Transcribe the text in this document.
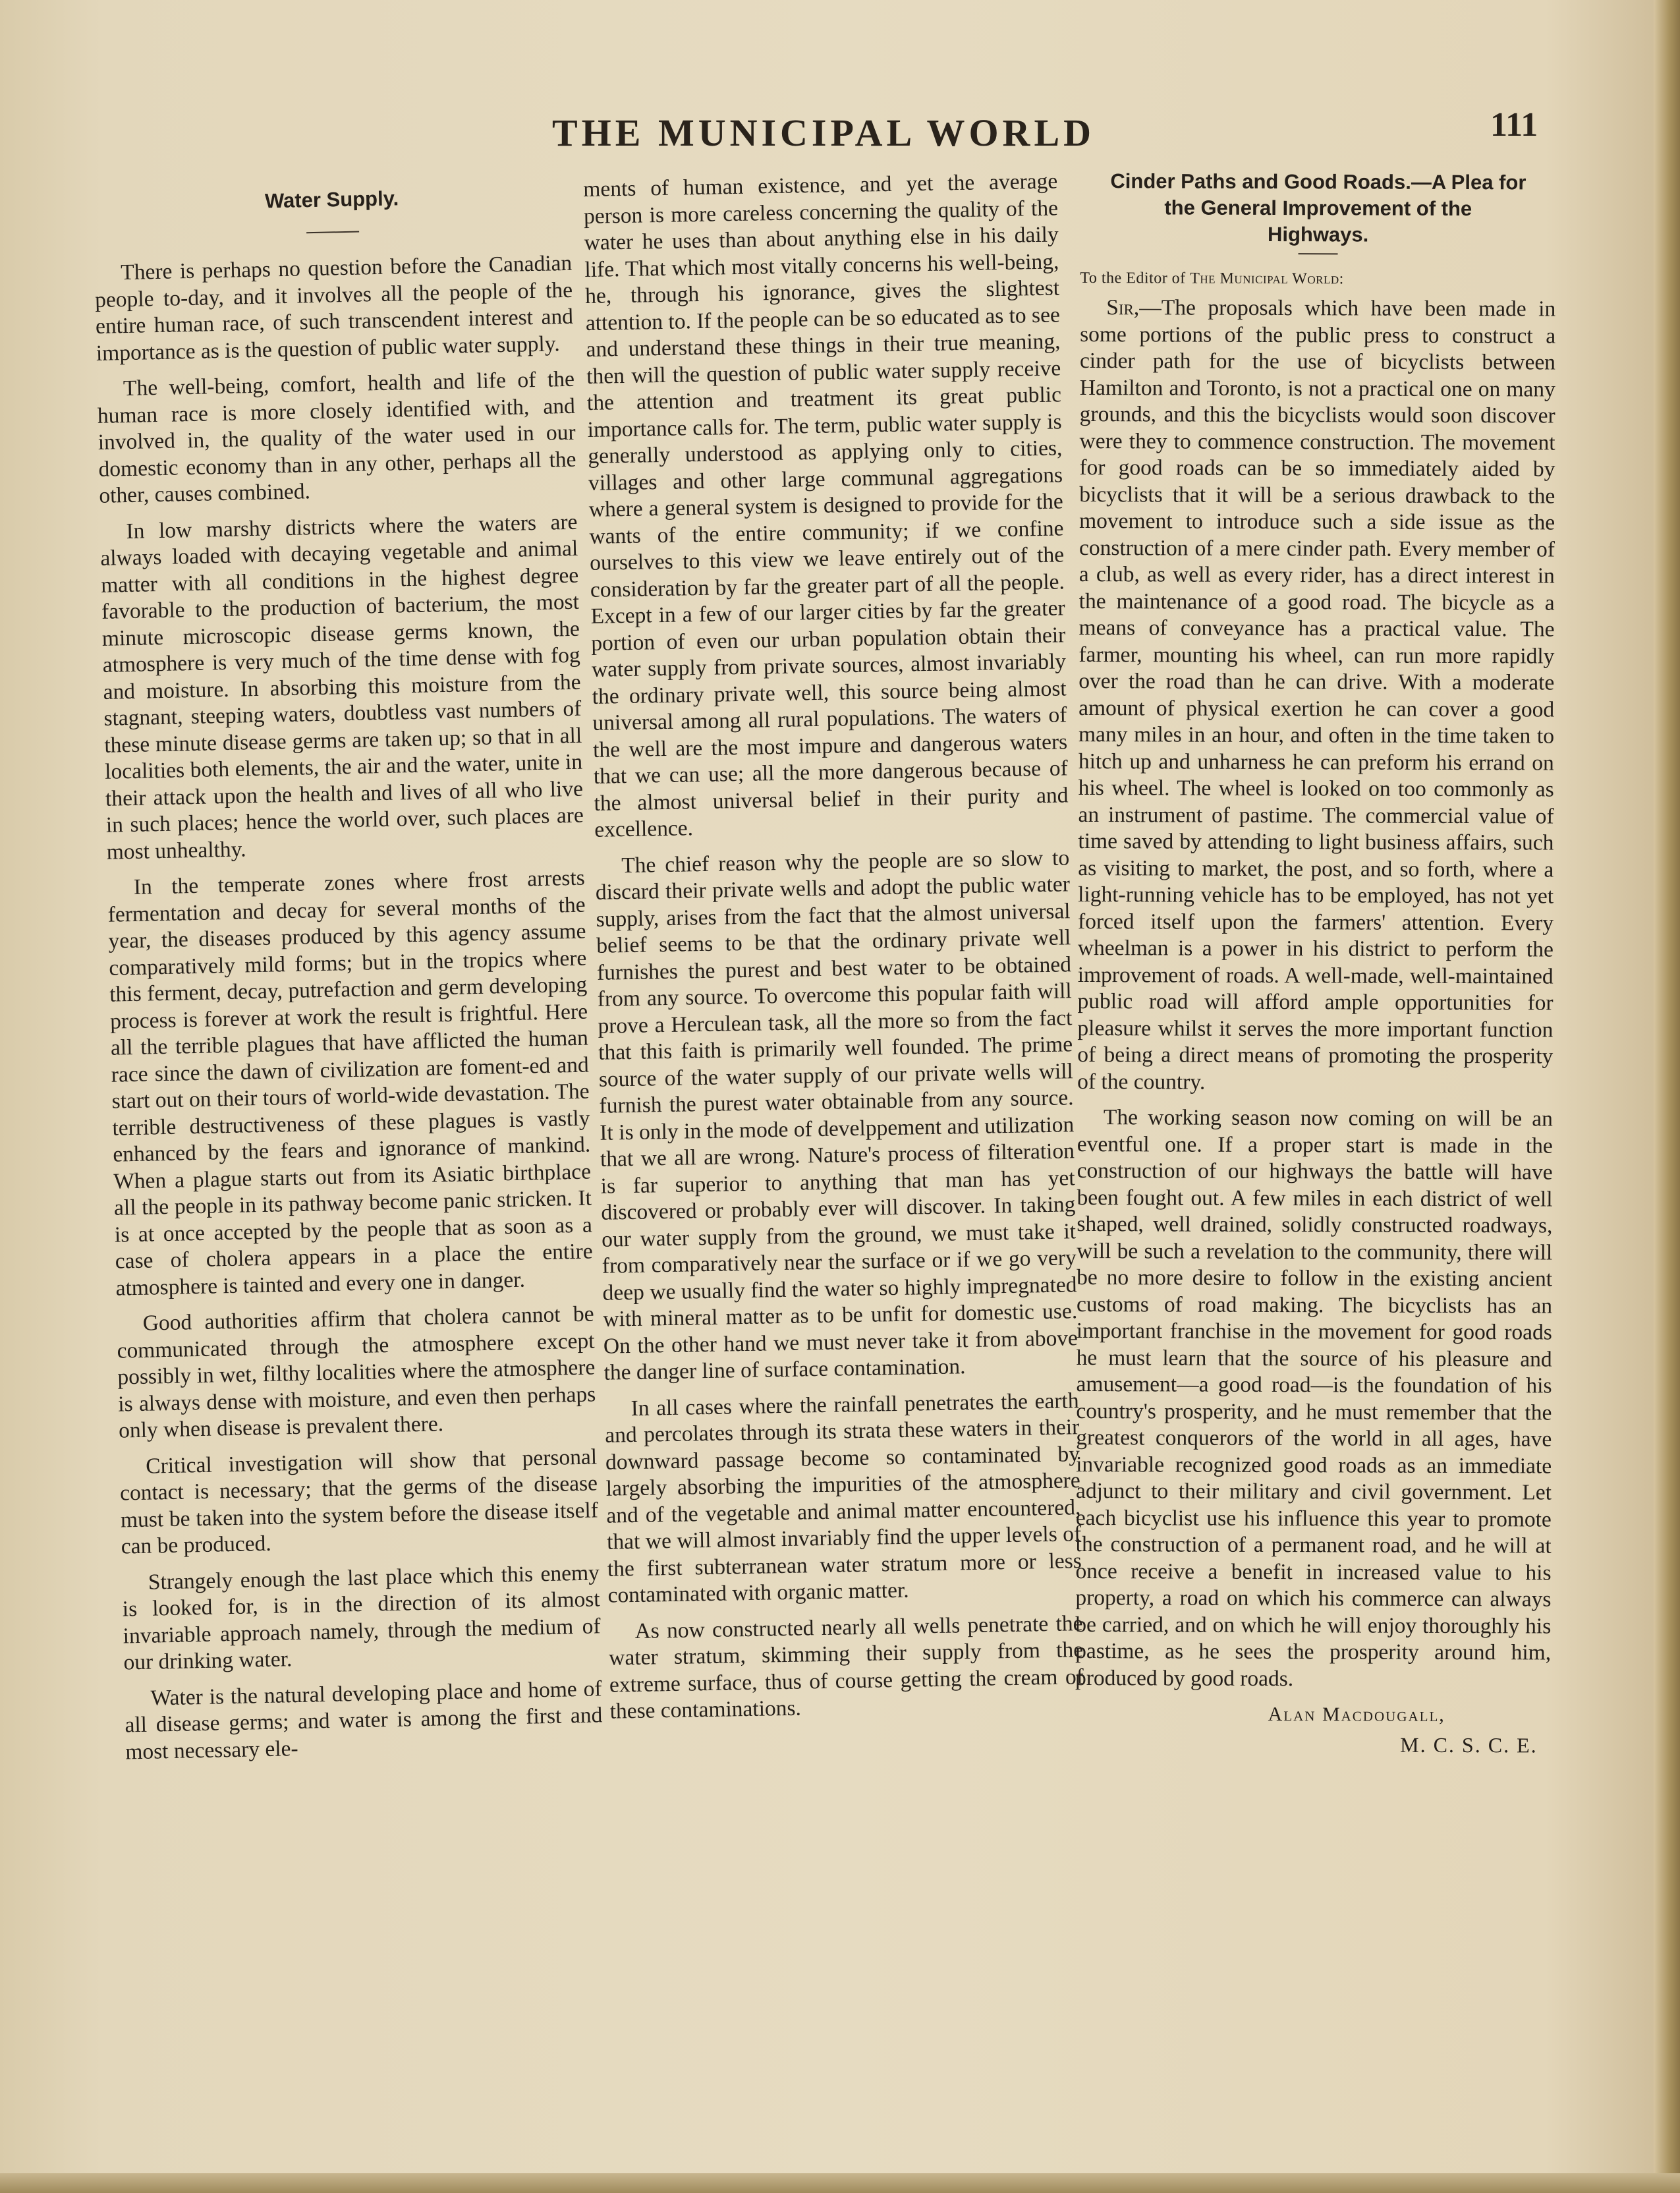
THE MUNICIPAL WORLD	111
Water Supply.

There is perhaps no question before the Canadian people to-day, and it involves all the people of the entire human race, of such transcendent interest and importance as is the question of public water supply.

The well-being, comfort, health and life of the human race is more closely identified with, and involved in, the quality of the water used in our domestic economy than in any other, perhaps all the other, causes combined.

In low marshy districts where the waters are always loaded with decaying vegetable and animal matter with all conditions in the highest degree favorable to the production of bacterium, the most minute microscopic disease germs known, the atmosphere is very much of the time dense with fog and moisture. In absorbing this moisture from the stagnant, steeping waters, doubtless vast numbers of these minute disease germs are taken up; so that in all localities both elements, the air and the water, unite in their attack upon the health and lives of all who live in such places; hence the world over, such places are most unhealthy.

In the temperate zones where frost arrests fermentation and decay for several months of the year, the diseases produced by this agency assume comparatively mild forms; but in the tropics where this ferment, decay, putrefaction and germ developing process is forever at work the result is frightful. Here all the terrible plagues that have afflicted the human race since the dawn of civilization are foment-ed and start out on their tours of world-wide devastation. The terrible destructiveness of these plagues is vastly enhanced by the fears and ignorance of mankind. When a plague starts out from its Asiatic birthplace all the people in its pathway become panic stricken. It is at once accepted by the people that as soon as a case of cholera appears in a place the entire atmosphere is tainted and every one in danger.

Good authorities affirm that cholera cannot be communicated through the atmosphere except possibly in wet, filthy localities where the atmosphere is always dense with moisture, and even then perhaps only when disease is prevalent there.

Critical investigation will show that personal contact is necessary; that the germs of the disease must be taken into the system before the disease itself can be produced.

Strangely enough the last place which this enemy is looked for, is in the direction of its almost invariable approach namely, through the medium of our drinking water.

Water is the natural developing place and home of all disease germs; and water is among the first and most necessary ele-

ments of human existence, and yet the average person is more careless concerning the quality of the water he uses than about anything else in his daily life. That which most vitally concerns his well-being, he, through his ignorance, gives the slightest attention to. If the people can be so educated as to see and understand these things in their true meaning, then will the question of public water supply receive the attention and treatment its great public importance calls for. The term, public water supply is generally understood as applying only to cities, villages and other large communal aggregations where a general system is designed to provide for the wants of the entire community; if we confine ourselves to this view we leave entirely out of the consideration by far the greater part of all the people. Except in a few of our larger cities by far the greater portion of even our urban population obtain their water supply from private sources, almost invariably the ordinary private well, this source being almost universal among all rural populations. The waters of the well are the most impure and dangerous waters that we can use; all the more dangerous because of the almost universal belief in their purity and excellence.

The chief reason why the people are so slow to discard their private wells and adopt the public water supply, arises from the fact that the almost universal belief seems to be that the ordinary private well furnishes the purest and best water to be obtained from any source. To overcome this popular faith will prove a Herculean task, all the more so from the fact that this faith is primarily well founded. The prime source of the water supply of our private wells will furnish the purest water obtainable from any source. It is only in the mode of develppement and utilization that we all are wrong. Nature's process of filteration is far superior to anything that man has yet discovered or probably ever will discover. In taking our water supply from the ground, we must take it from comparatively near the surface or if we go very deep we usually find the water so highly impregnated with mineral matter as to be unfit for domestic use. On the other hand we must never take it from above the danger line of surface contamination.

In all cases where the rainfall penetrates the earth and percolates through its strata these waters in their downward passage become so contaminated by largely absorbing the impurities of the atmosphere and of the vegetable and animal matter encountered, that we will almost invariably find the upper levels of the first subterranean water stratum more or less contaminated with organic matter.

As now constructed nearly all wells penetrate the water stratum, skimming their supply from the extreme surface, thus of course getting the cream of these contaminations.

Cinder Paths and Good Roads.—A Plea for
the General Improvement of the
Highways.

To the Editor of The Municipal World:

Sir,—The proposals which have been made in some portions of the public press to construct a cinder path for the use of bicyclists between Hamilton and Toronto, is not a practical one on many grounds, and this the bicyclists would soon discover were they to commence construction. The movement for good roads can be so immediately aided by bicyclists that it will be a serious drawback to the movement to introduce such a side issue as the construction of a mere cinder path. Every member of a club, as well as every rider, has a direct interest in the maintenance of a good road. The bicycle as a means of conveyance has a practical value. The farmer, mounting his wheel, can run more rapidly over the road than he can drive. With a moderate amount of physical exertion he can cover a good many miles in an hour, and often in the time taken to hitch up and unharness he can preform his errand on his wheel. The wheel is looked on too commonly as an instrument of pastime. The commercial value of time saved by attending to light business affairs, such as visiting to market, the post, and so forth, where a light-running vehicle has to be employed, has not yet forced itself upon the farmers' attention. Every wheelman is a power in his district to perform the improvement of roads. A well-made, well-maintained public road will afford ample opportunities for pleasure whilst it serves the more important function of being a direct means of promoting the prosperity of the country.

The working season now coming on will be an eventful one. If a proper start is made in the construction of our highways the battle will have been fought out. A few miles in each district of well shaped, well drained, solidly constructed roadways, will be such a revelation to the community, there will be no more desire to follow in the existing ancient customs of road making. The bicyclists has an important franchise in the movement for good roads he must learn that the source of his pleasure and amusement—a good road—is the foundation of his country's prosperity, and he must remember that the greatest conquerors of the world in all ages, have invariable recognized good roads as an immediate adjunct to their military and civil government. Let each bicyclist use his influence this year to promote the construction of a permanent road, and he will at once receive a benefit in increased value to his property, a road on which his commerce can always be carried, and on which he will enjoy thoroughly his pastime, as he sees the prosperity around him, produced by good roads.

Alan Macdougall,

M. C. S. C. E.
